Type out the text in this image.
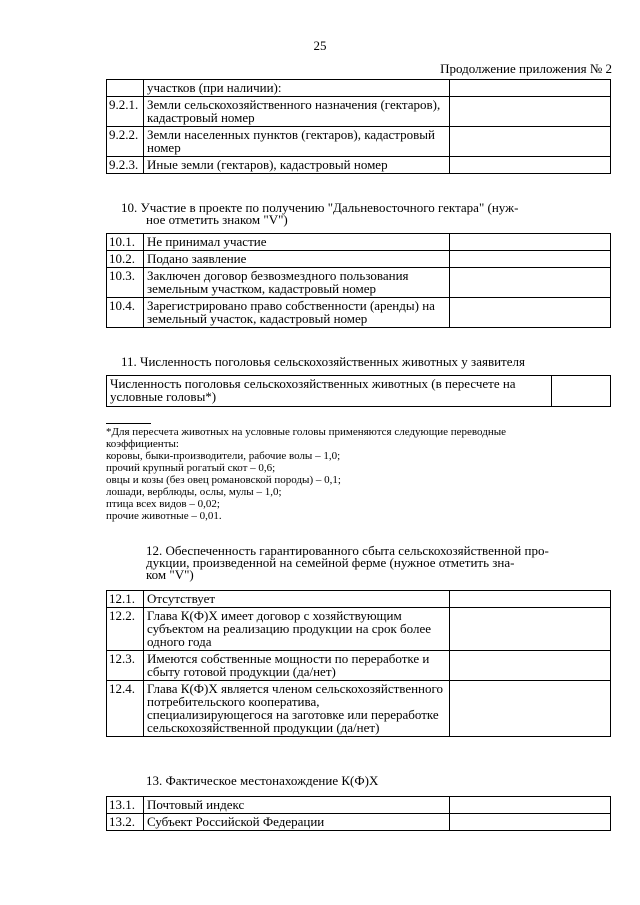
25
Продолжение приложения № 2
	участков (при наличии):	
9.2.1.	Земли сельскохозяйственного назначения (гектаров), кадастровый номер	
9.2.2.	Земли населенных пунктов (гектаров), кадастровый номер	
9.2.3.	Иные земли (гектаров), кадастровый номер	
10. Участие в проекте по получению "Дальневосточного гектара" (нуж-
ное отметить знаком "V")
10.1.	Не принимал участие	
10.2.	Подано заявление	
10.3.	Заключен договор безвозмездного пользования земельным участком, кадастровый номер	
10.4.	Зарегистрировано право собственности (аренды) на земельный участок, кадастровый номер	
11. Численность поголовья сельскохозяйственных животных у заявителя
Численность поголовья сельскохозяйственных животных (в пересчете на условные головы*)	
*Для пересчета животных на условные головы применяются следующие переводные
коэффициенты:
коровы, быки-производители, рабочие волы – 1,0;
прочий крупный рогатый скот – 0,6;
овцы и козы (без овец романовской породы) – 0,1;
лошади, верблюды, ослы, мулы – 1,0;
птица всех видов – 0,02;
прочие животные – 0,01.
12. Обеспеченность гарантированного сбыта сельскохозяйственной про-
дукции, произведенной на семейной ферме (нужное отметить зна-
ком "V")
12.1.	Отсутствует	
12.2.	Глава К(Ф)Х имеет договор с хозяйствующим субъектом на реализацию продукции на срок более одного года	
12.3.	Имеются собственные мощности по переработке и сбыту готовой продукции (да/нет)	
12.4.	Глава К(Ф)Х является членом сельскохозяйственного потребительского кооператива, специализирующегося на заготовке или переработке сельскохозяйственной продукции (да/нет)	
13. Фактическое местонахождение К(Ф)Х
13.1.	Почтовый индекс	
13.2.	Субъект Российской Федерации	
